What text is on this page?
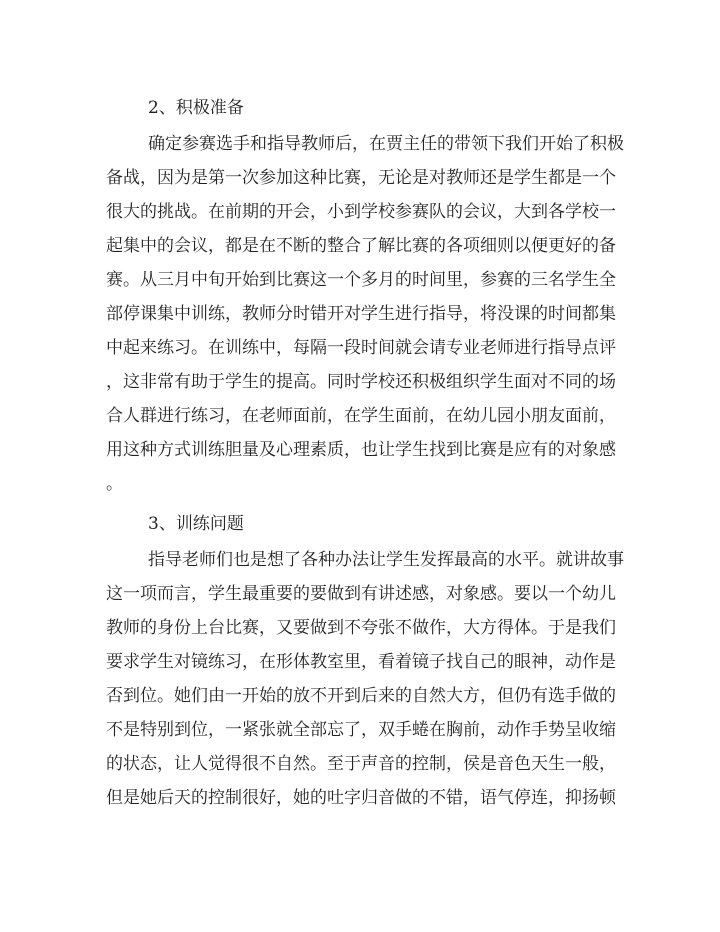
2、积极准备
确定参赛选手和指导教师后，在贾主任的带领下我们开始了积极
备战，因为是第一次参加这种比赛，无论是对教师还是学生都是一个
很大的挑战。在前期的开会，小到学校参赛队的会议，大到各学校一
起集中的会议，都是在不断的整合了解比赛的各项细则以便更好的备
赛。从三月中旬开始到比赛这一个多月的时间里，参赛的三名学生全
部停课集中训练，教师分时错开对学生进行指导，将没课的时间都集
中起来练习。在训练中，每隔一段时间就会请专业老师进行指导点评
，这非常有助于学生的提高。同时学校还积极组织学生面对不同的场
合人群进行练习，在老师面前，在学生面前，在幼儿园小朋友面前，
用这种方式训练胆量及心理素质，也让学生找到比赛是应有的对象感
。
3、训练问题
指导老师们也是想了各种办法让学生发挥最高的水平。就讲故事
这一项而言，学生最重要的要做到有讲述感，对象感。要以一个幼儿
教师的身份上台比赛，又要做到不夸张不做作，大方得体。于是我们
要求学生对镜练习，在形体教室里，看着镜子找自己的眼神，动作是
否到位。她们由一开始的放不开到后来的自然大方，但仍有选手做的
不是特别到位，一紧张就全部忘了，双手蜷在胸前，动作手势呈收缩
的状态，让人觉得很不自然。至于声音的控制，侯是音色天生一般，
但是她后天的控制很好，她的吐字归音做的不错，语气停连，抑扬顿
